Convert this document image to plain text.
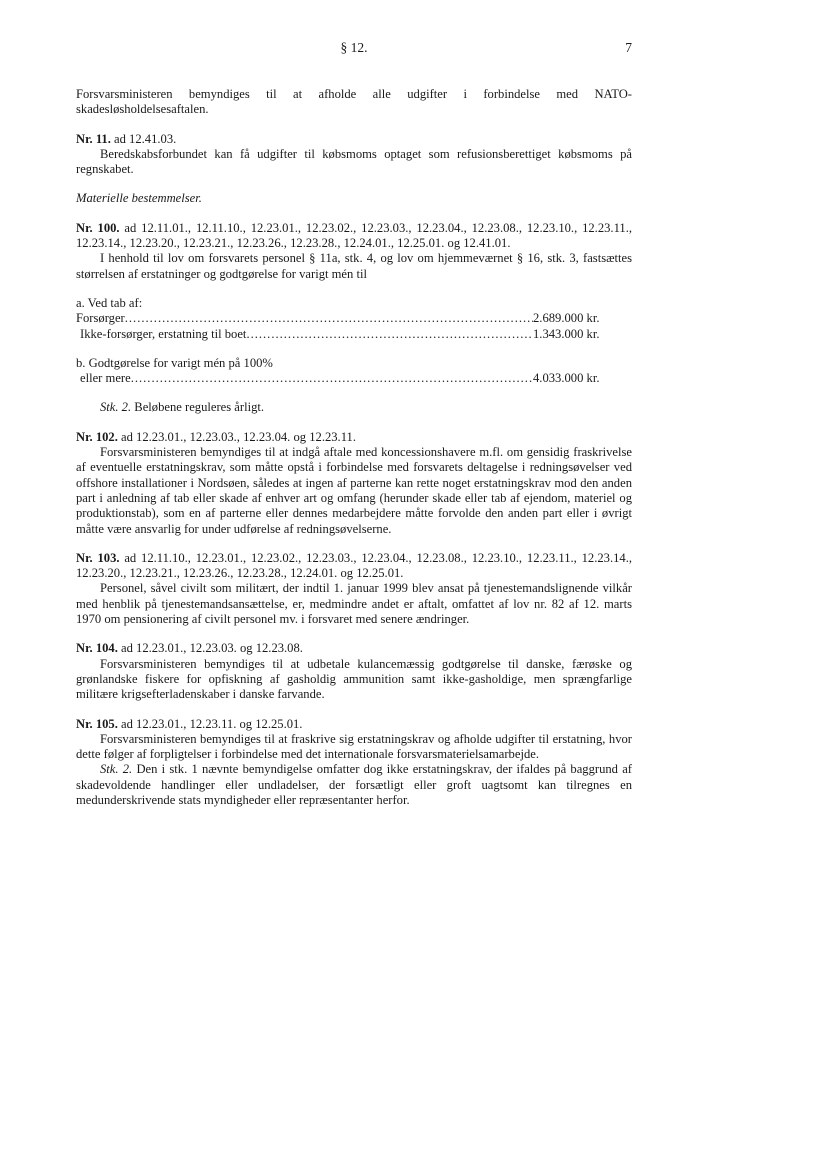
§ 12.	7

Forsvarsministeren bemyndiges til at afholde alle udgifter i forbindelse med NATO-skadesløsholdelsesaftalen.

Nr. 11. ad 12.41.03.

Beredskabsforbundet kan få udgifter til købsmoms optaget som refusionsberettiget købsmoms på regnskabet.

Materielle bestemmelser.

Nr. 100. ad 12.11.01., 12.11.10., 12.23.01., 12.23.02., 12.23.03., 12.23.04., 12.23.08., 12.23.10., 12.23.11., 12.23.14., 12.23.20., 12.23.21., 12.23.26., 12.23.28., 12.24.01., 12.25.01. og 12.41.01.

I henhold til lov om forsvarets personel § 11a, stk. 4, og lov om hjemmeværnet § 16, stk. 3, fastsættes størrelsen af erstatninger og godtgørelse for varigt mén til

a. Ved tab af:

Forsørger .....	2.689.000 kr.
Ikke-forsørger, erstatning til boet .....	1.343.000 kr.

b. Godtgørelse for varigt mén på 100%

eller mere .....	4.033.000 kr.

Stk. 2. Beløbene reguleres årligt.

Nr. 102. ad 12.23.01., 12.23.03., 12.23.04. og 12.23.11.

Forsvarsministeren bemyndiges til at indgå aftale med koncessionshavere m.fl. om gensidig fraskrivelse af eventuelle erstatningskrav, som måtte opstå i forbindelse med forsvarets deltagelse i redningsøvelser ved offshore installationer i Nordsøen, således at ingen af parterne kan rette noget erstatningskrav mod den anden part i anledning af tab eller skade af enhver art og omfang (herunder skade eller tab af ejendom, materiel og produktionstab), som en af parterne eller dennes medarbejdere måtte forvolde den anden part eller i øvrigt måtte være ansvarlig for under udførelse af redningsøvelserne.

Nr. 103. ad 12.11.10., 12.23.01., 12.23.02., 12.23.03., 12.23.04., 12.23.08., 12.23.10., 12.23.11., 12.23.14., 12.23.20., 12.23.21., 12.23.26., 12.23.28., 12.24.01. og 12.25.01.

Personel, såvel civilt som militært, der indtil 1. januar 1999 blev ansat på tjenestemandslignende vilkår med henblik på tjenestemandsansættelse, er, medmindre andet er aftalt, omfattet af lov nr. 82 af 12. marts 1970 om pensionering af civilt personel mv. i forsvaret med senere ændringer.

Nr. 104. ad 12.23.01., 12.23.03. og 12.23.08.

Forsvarsministeren bemyndiges til at udbetale kulancemæssig godtgørelse til danske, færøske og grønlandske fiskere for opfiskning af gasholdig ammunition samt ikke-gasholdige, men sprængfarlige militære krigsefterladenskaber i danske farvande.

Nr. 105. ad 12.23.01., 12.23.11. og 12.25.01.

Forsvarsministeren bemyndiges til at fraskrive sig erstatningskrav og afholde udgifter til erstatning, hvor dette følger af forpligtelser i forbindelse med det internationale forsvarsmaterielsamarbejde.

Stk. 2. Den i stk. 1 nævnte bemyndigelse omfatter dog ikke erstatningskrav, der ifaldes på baggrund af skadevoldende handlinger eller undladelser, der forsætligt eller groft uagtsomt kan tilregnes en medunderskrivende stats myndigheder eller repræsentanter herfor.
